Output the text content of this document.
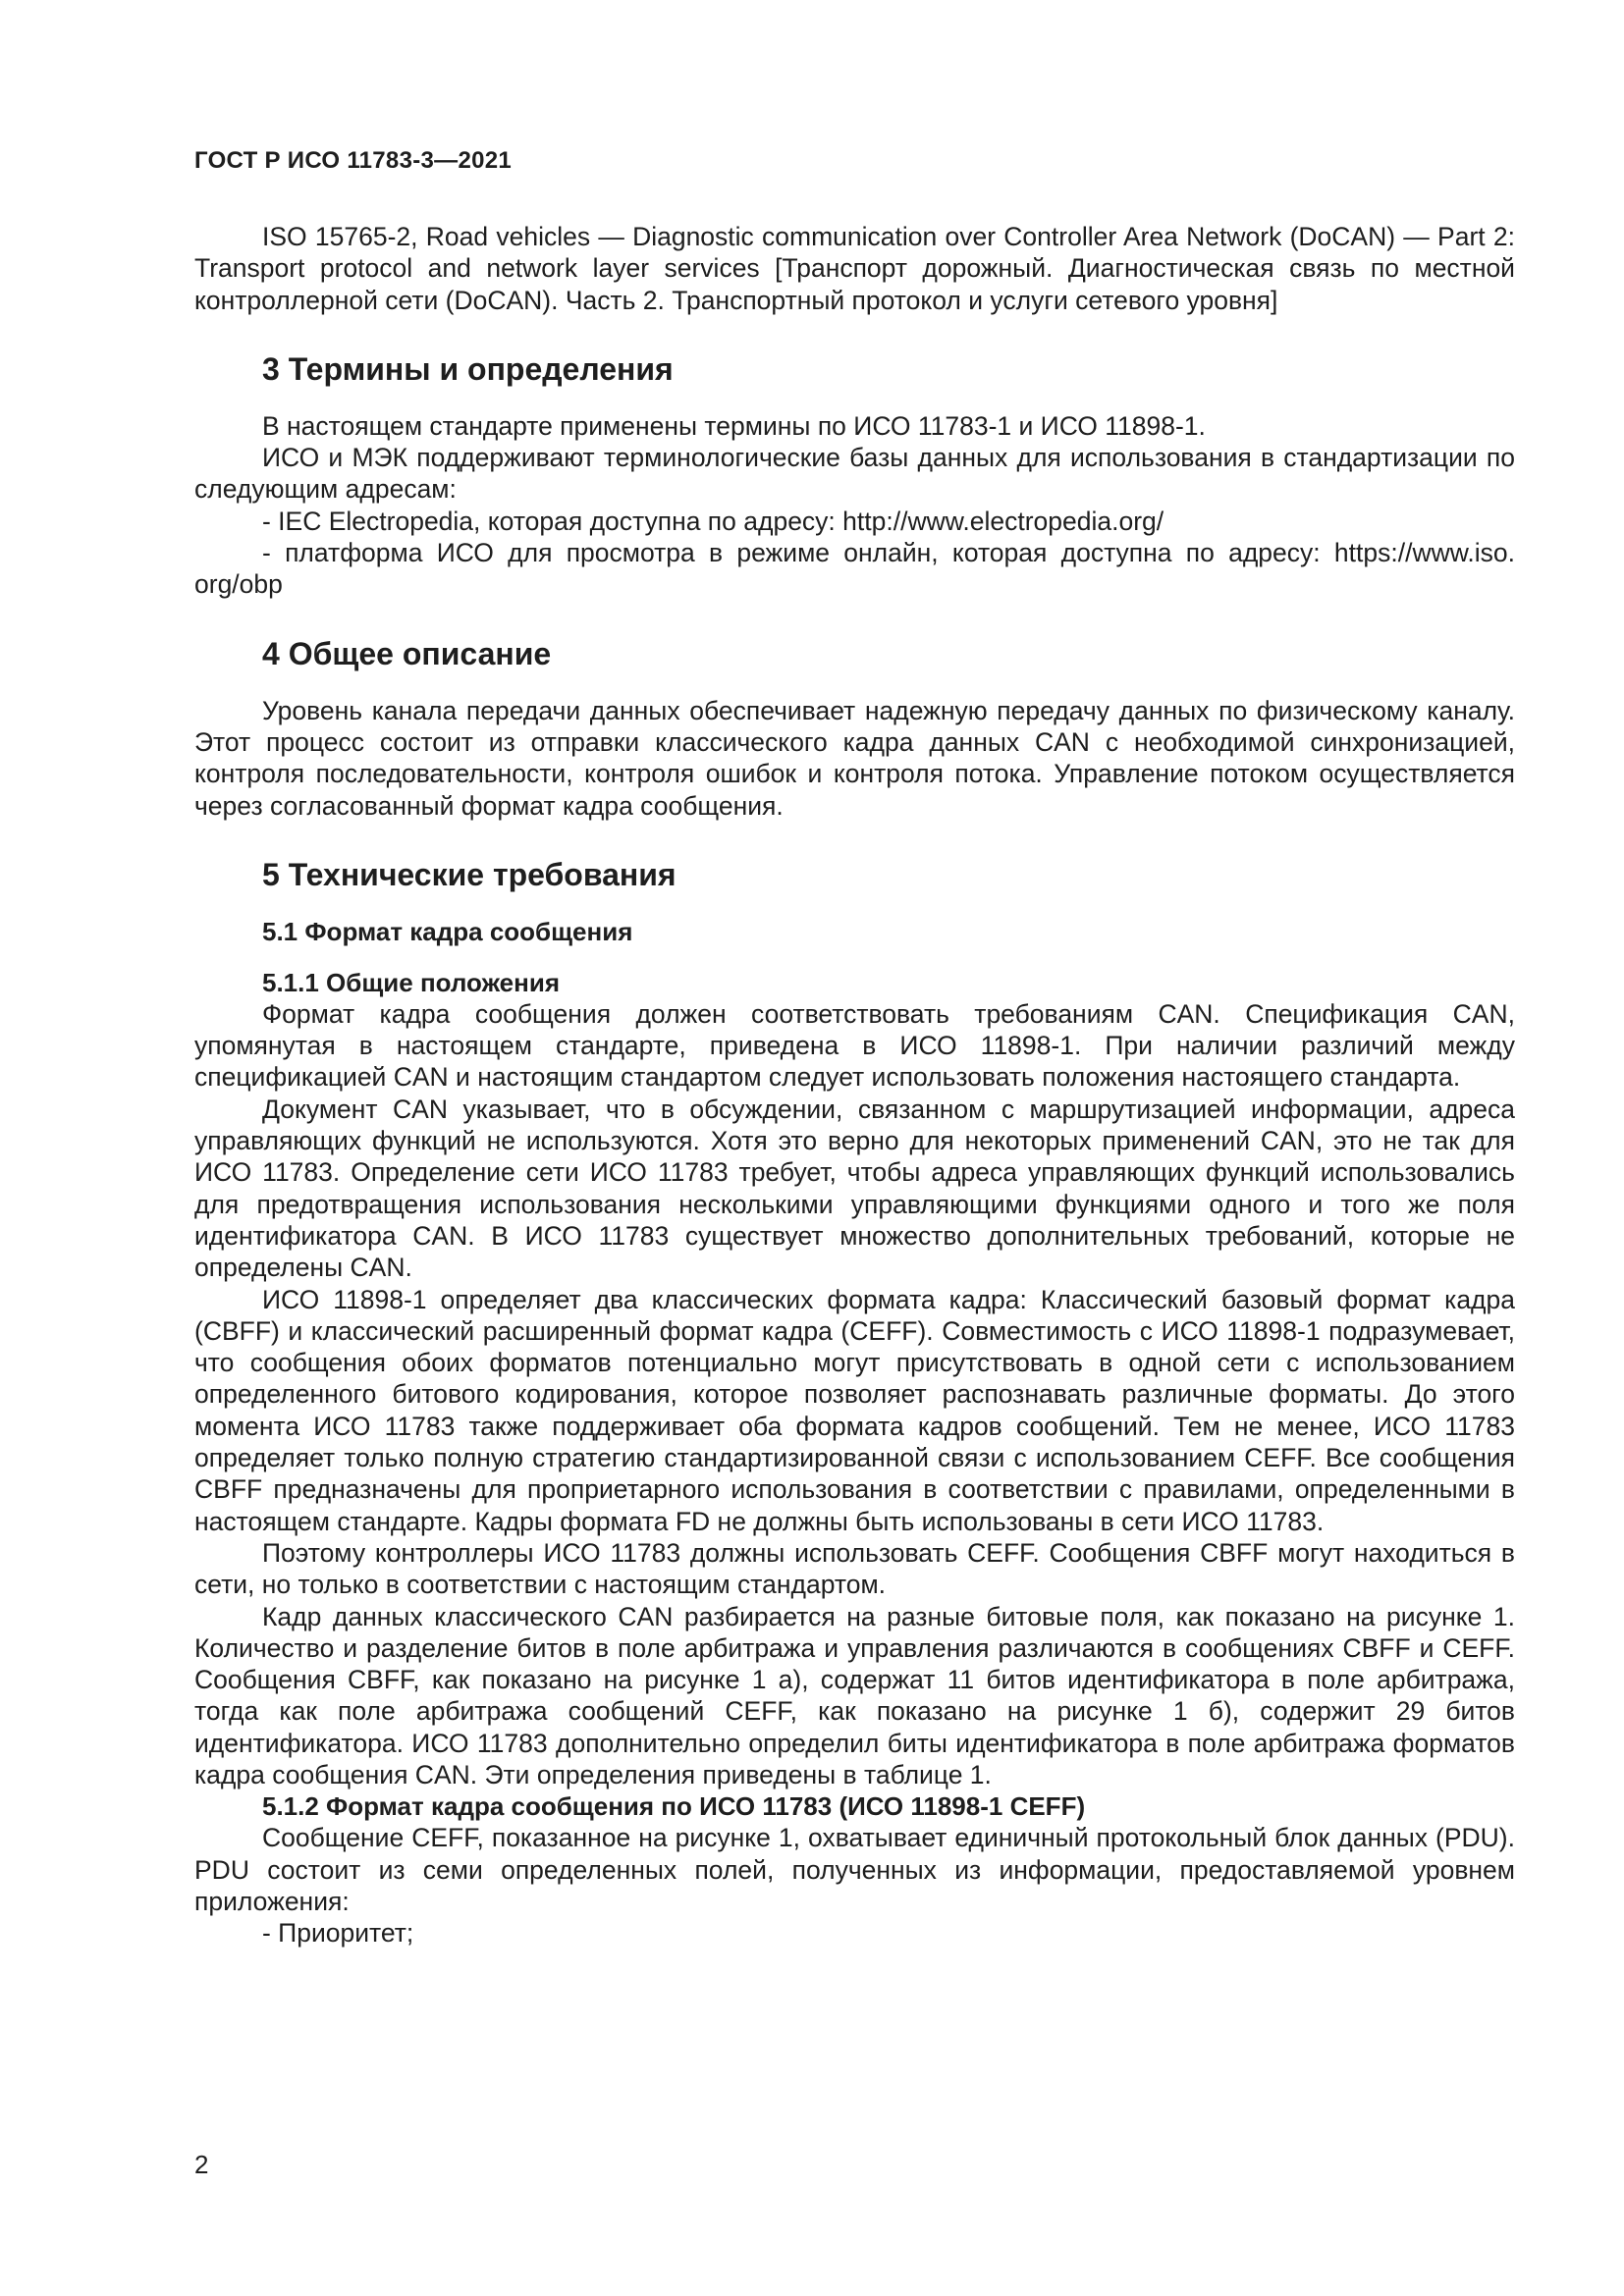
ГОСТ Р ИСО 11783-3—2021

ISO 15765-2, Road vehicles — Diagnostic communication over Controller Area Network (DoCAN) — Part 2: Transport protocol and network layer services [Транспорт дорожный. Диагностическая связь по местной контроллерной сети (DoCAN). Часть 2. Транспортный протокол и услуги сетевого уровня]

3 Термины и определения

В настоящем стандарте применены термины по ИСО 11783-1 и ИСО 11898-1.

ИСО и МЭК поддерживают терминологические базы данных для использования в стандартизации по следующим адресам:

- IEC Electropedia, которая доступна по адресу: http://www.electropedia.org/
- платформа ИСО для просмотра в режиме онлайн, которая доступна по адресу: https://www.iso. org/obp
4 Общее описание

Уровень канала передачи данных обеспечивает надежную передачу данных по физическому каналу. Этот процесс состоит из отправки классического кадра данных CAN с необходимой синхронизацией, контроля последовательности, контроля ошибок и контроля потока. Управление потоком осуществляется через согласованный формат кадра сообщения.

5 Технические требования
5.1 Формат кадра сообщения
5.1.1 Общие положения

Формат кадра сообщения должен соответствовать требованиям CAN. Спецификация CAN, упомянутая в настоящем стандарте, приведена в ИСО 11898-1. При наличии различий между спецификацией CAN и настоящим стандартом следует использовать положения настоящего стандарта.

Документ CAN указывает, что в обсуждении, связанном с маршрутизацией информации, адреса управляющих функций не используются. Хотя это верно для некоторых применений CAN, это не так для ИСО 11783. Определение сети ИСО 11783 требует, чтобы адреса управляющих функций использовались для предотвращения использования несколькими управляющими функциями одного и того же поля идентификатора CAN. В ИСО 11783 существует множество дополнительных требований, которые не определены CAN.

ИСО 11898-1 определяет два классических формата кадра: Классический базовый формат кадра (CBFF) и классический расширенный формат кадра (CEFF). Совместимость с ИСО 11898-1 подразумевает, что сообщения обоих форматов потенциально могут присутствовать в одной сети с использованием определенного битового кодирования, которое позволяет распознавать различные форматы. До этого момента ИСО 11783 также поддерживает оба формата кадров сообщений. Тем не менее, ИСО 11783 определяет только полную стратегию стандартизированной связи с использованием CEFF. Все сообщения CBFF предназначены для проприетарного использования в соответствии с правилами, определенными в настоящем стандарте. Кадры формата FD не должны быть использованы в сети ИСО 11783.

Поэтому контроллеры ИСО 11783 должны использовать CEFF. Сообщения CBFF могут находиться в сети, но только в соответствии с настоящим стандартом.

Кадр данных классического CAN разбирается на разные битовые поля, как показано на рисунке 1. Количество и разделение битов в поле арбитража и управления различаются в сообщениях CBFF и CEFF. Сообщения CBFF, как показано на рисунке 1 а), содержат 11 битов идентификатора в поле арбитража, тогда как поле арбитража сообщений CEFF, как показано на рисунке 1 б), содержит 29 битов идентификатора. ИСО 11783 дополнительно определил биты идентификатора в поле арбитража форматов кадра сообщения CAN. Эти определения приведены в таблице 1.

5.1.2 Формат кадра сообщения по ИСО 11783 (ИСО 11898-1 CEFF)

Сообщение CEFF, показанное на рисунке 1, охватывает единичный протокольный блок данных (PDU). PDU состоит из семи определенных полей, полученных из информации, предоставляемой уровнем приложения:

- Приоритет;
2
